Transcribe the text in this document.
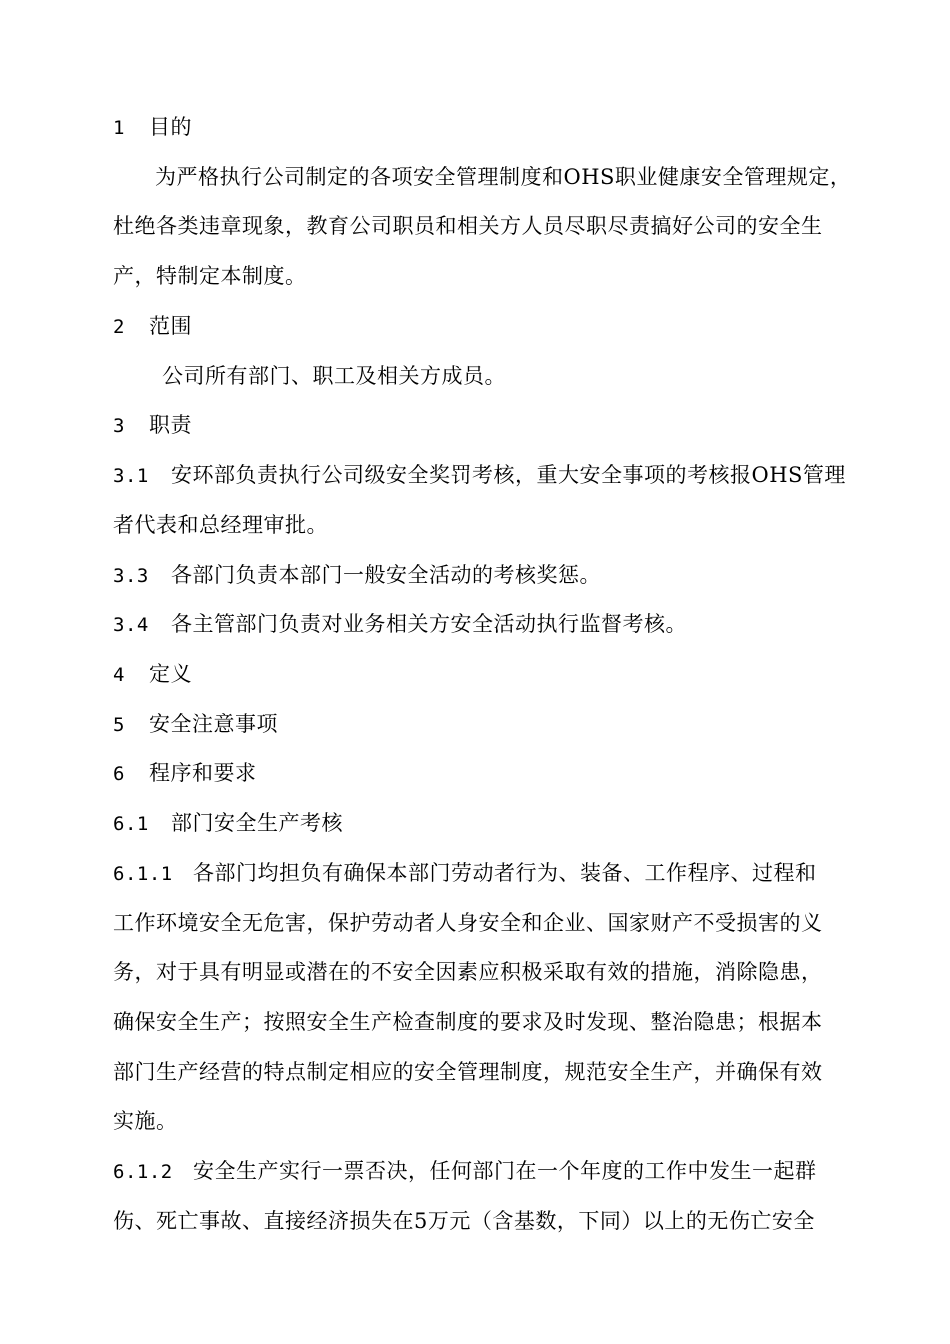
1 目的
为严格执行公司制定的各项安全管理制度和OHS职业健康安全管理规定，
杜绝各类违章现象，教育公司职员和相关方人员尽职尽责搞好公司的安全生
产，特制定本制度。
2 范围
公司所有部门、职工及相关方成员。
3 职责
3.1 安环部负责执行公司级安全奖罚考核，重大安全事项的考核报OHS管理
者代表和总经理审批。
3.3 各部门负责本部门一般安全活动的考核奖惩。
3.4 各主管部门负责对业务相关方安全活动执行监督考核。
4 定义
5 安全注意事项
6 程序和要求
6.1 部门安全生产考核
6.1.1 各部门均担负有确保本部门劳动者行为、装备、工作程序、过程和
工作环境安全无危害，保护劳动者人身安全和企业、国家财产不受损害的义
务，对于具有明显或潜在的不安全因素应积极采取有效的措施，消除隐患，
确保安全生产；按照安全生产检查制度的要求及时发现、整治隐患；根据本
部门生产经营的特点制定相应的安全管理制度，规范安全生产，并确保有效
实施。
6.1.2 安全生产实行一票否决，任何部门在一个年度的工作中发生一起群
伤、死亡事故、直接经济损失在5万元（含基数，下同）以上的无伤亡安全
